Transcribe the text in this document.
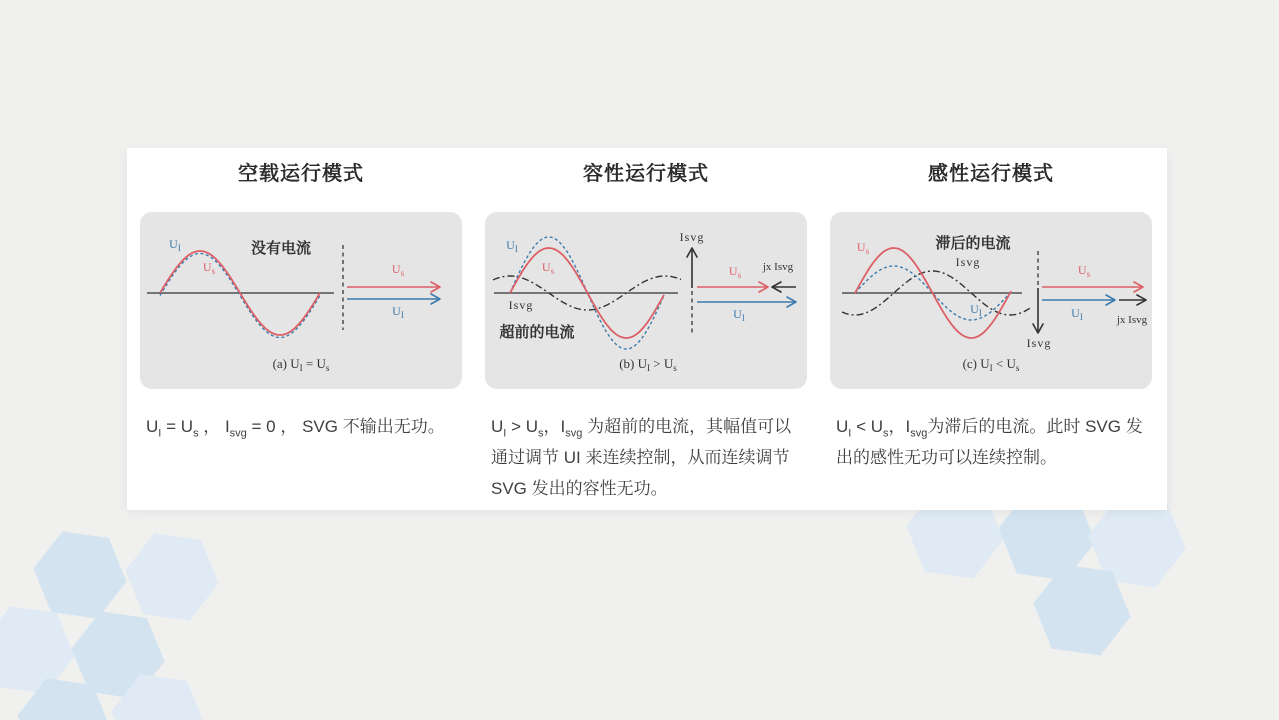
空载运行模式
$U_I$
$U_s$
没有电流
$U_s$
$U_I$
(a) $U_I = U_s$

$U_I = U_s$ ， $I_{svg} = 0$ ， SVG 不输出无功。

容性运行模式
$U_I$
$U_s$
Isvg
超前的电流
Isvg
$U_s$
jx Isvg
$U_I$
(b) $U_I > U_s$

$U_I > U_s$，$I_{svg}$ 为超前的电流，其幅值可以通过调节 UI 来连续控制，从而连续调节 SVG 发出的容性无功。

感性运行模式
$U_s$	滞后的电流
Isvg
$U_I$
$U_s$
$U_I$	jx Isvg
Isvg
(c) $U_I < U_s$

$U_I < U_s$，$I_{svg}$为滞后的电流。此时 SVG 发出的感性无功可以连续控制。
